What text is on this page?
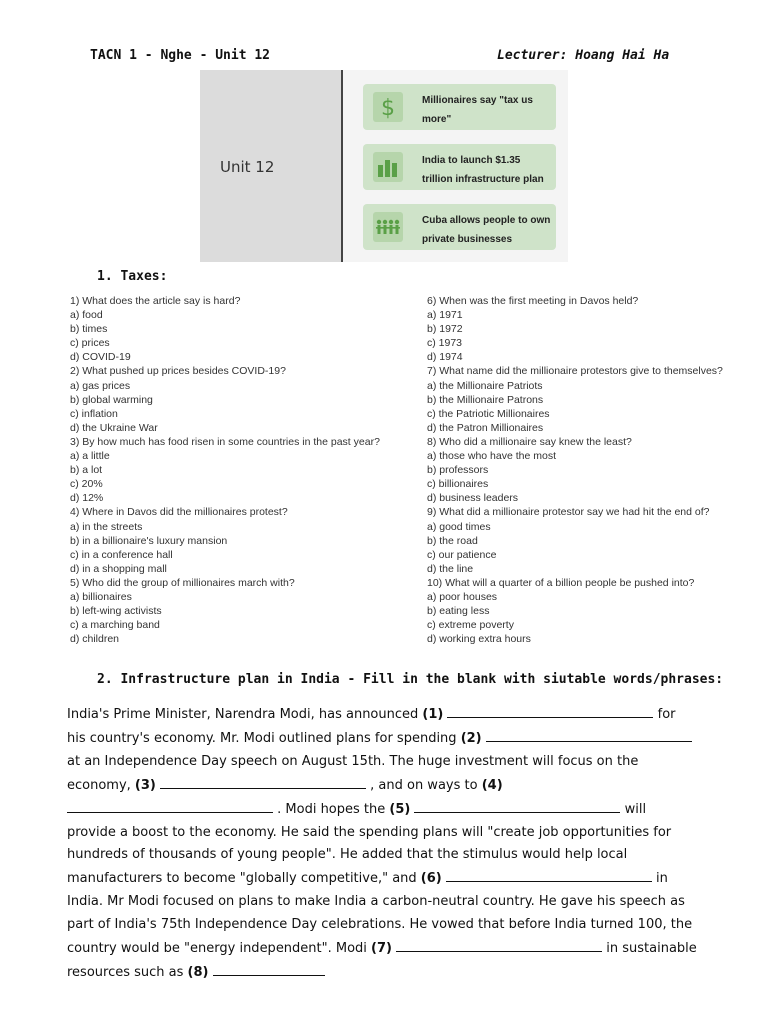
TACN 1 - Nghe - Unit 12	Lecturer: Hoang Hai Ha
Unit 12
$	Millionaires say "tax us more"
India to launch $1.35 trillion infrastructure plan
Cuba allows people to own private businesses
1. Taxes:
1) What does the article say is hard?
a) food
b) times
c) prices
d) COVID-19
2) What pushed up prices besides COVID-19?
a) gas prices
b) global warming
c) inflation
d) the Ukraine War
3) By how much has food risen in some countries in the past year?
a) a little
b) a lot
c) 20%
d) 12%
4) Where in Davos did the millionaires protest?
a) in the streets
b) in a billionaire's luxury mansion
c) in a conference hall
d) in a shopping mall
5) Who did the group of millionaires march with?
a) billionaires
b) left-wing activists
c) a marching band
d) children
6) When was the first meeting in Davos held?
a) 1971
b) 1972
c) 1973
d) 1974
7) What name did the millionaire protestors give to themselves?
a) the Millionaire Patriots
b) the Millionaire Patrons
c) the Patriotic Millionaires
d) the Patron Millionaires
8) Who did a millionaire say knew the least?
a) those who have the most
b) professors
c) billionaires
d) business leaders
9) What did a millionaire protestor say we had hit the end of?
a) good times
b) the road
c) our patience
d) the line
10) What will a quarter of a billion people be pushed into?
a) poor houses
b) eating less
c) extreme poverty
d) working extra hours
2. Infrastructure plan in India - Fill in the blank with siutable words/phrases:
India's Prime Minister, Narendra Modi, has announced (1)	for his country's economy. Mr. Modi outlined plans for spending (2)  at an Independence Day speech on August 15th. The huge investment will focus on the economy, (3)	, and on ways to (4)  . Modi hopes the (5)	will provide a boost to the economy. He said the spending plans will "create job opportunities for hundreds of thousands of young people". He added that the stimulus would help local manufacturers to become "globally competitive," and (6)	in India. Mr Modi focused on plans to make India a carbon-neutral country. He gave his speech as part of India's 75th Independence Day celebrations. He vowed that before India turned 100, the country would be "energy independent". Modi (7)	in sustainable resources such as (8)
